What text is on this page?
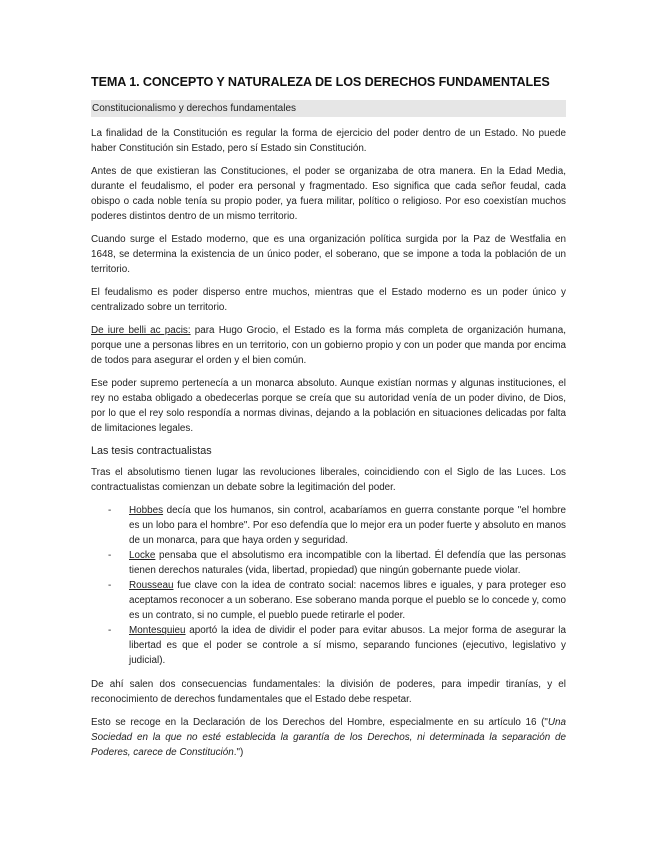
TEMA 1. CONCEPTO Y NATURALEZA DE LOS DERECHOS FUNDAMENTALES
Constitucionalismo y derechos fundamentales

La finalidad de la Constitución es regular la forma de ejercicio del poder dentro de un Estado. No puede haber Constitución sin Estado, pero sí Estado sin Constitución.

Antes de que existieran las Constituciones, el poder se organizaba de otra manera. En la Edad Media, durante el feudalismo, el poder era personal y fragmentado. Eso significa que cada señor feudal, cada obispo o cada noble tenía su propio poder, ya fuera militar, político o religioso. Por eso coexistían muchos poderes distintos dentro de un mismo territorio.

Cuando surge el Estado moderno, que es una organización política surgida por la Paz de Westfalia en 1648, se determina la existencia de un único poder, el soberano, que se impone a toda la población de un territorio.

El feudalismo es poder disperso entre muchos, mientras que el Estado moderno es un poder único y centralizado sobre un territorio.

De iure belli ac pacis: para Hugo Grocio, el Estado es la forma más completa de organización humana, porque une a personas libres en un territorio, con un gobierno propio y con un poder que manda por encima de todos para asegurar el orden y el bien común.

Ese poder supremo pertenecía a un monarca absoluto. Aunque existían normas y algunas instituciones, el rey no estaba obligado a obedecerlas porque se creía que su autoridad venía de un poder divino, de Dios, por lo que el rey solo respondía a normas divinas, dejando a la población en situaciones delicadas por falta de limitaciones legales.

Las tesis contractualistas

Tras el absolutismo tienen lugar las revoluciones liberales, coincidiendo con el Siglo de las Luces. Los contractualistas comienzan un debate sobre la legitimación del poder.

- Hobbes decía que los humanos, sin control, acabaríamos en guerra constante porque "el hombre es un lobo para el hombre". Por eso defendía que lo mejor era un poder fuerte y absoluto en manos de un monarca, para que haya orden y seguridad.
- Locke pensaba que el absolutismo era incompatible con la libertad. Él defendía que las personas tienen derechos naturales (vida, libertad, propiedad) que ningún gobernante puede violar.
- Rousseau fue clave con la idea de contrato social: nacemos libres e iguales, y para proteger eso aceptamos reconocer a un soberano. Ese soberano manda porque el pueblo se lo concede y, como es un contrato, si no cumple, el pueblo puede retirarle el poder.
- Montesquieu aportó la idea de dividir el poder para evitar abusos. La mejor forma de asegurar la libertad es que el poder se controle a sí mismo, separando funciones (ejecutivo, legislativo y judicial).

De ahí salen dos consecuencias fundamentales: la división de poderes, para impedir tiranías, y el reconocimiento de derechos fundamentales que el Estado debe respetar.

Esto se recoge en la Declaración de los Derechos del Hombre, especialmente en su artículo 16 ("Una Sociedad en la que no esté establecida la garantía de los Derechos, ni determinada la separación de Poderes, carece de Constitución.")
